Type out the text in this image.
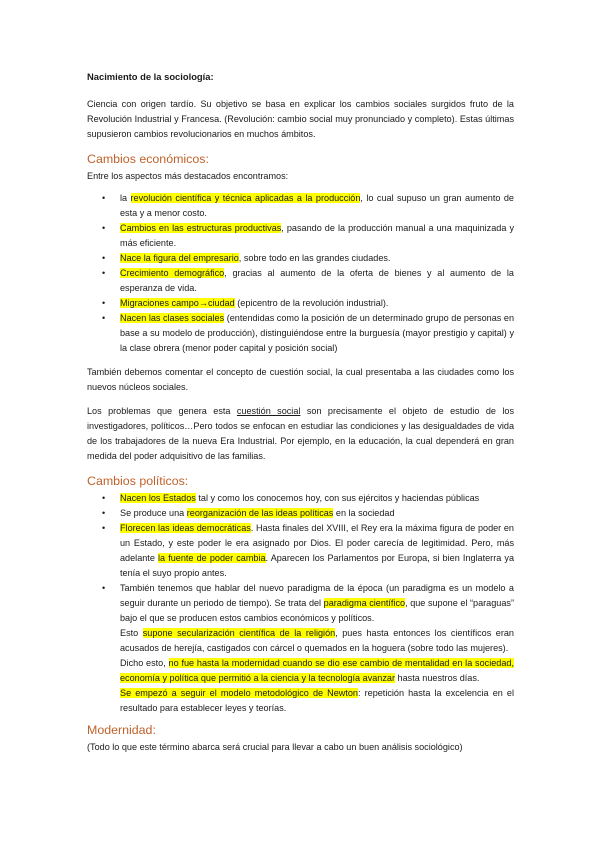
Nacimiento de la sociología:

Ciencia con origen tardío. Su objetivo se basa en explicar los cambios sociales surgidos fruto de la Revolución Industrial y Francesa. (Revolución: cambio social muy pronunciado y completo). Estas últimas supusieron cambios revolucionarios en muchos ámbitos.

Cambios económicos:

Entre los aspectos más destacados encontramos:

• la revolución científica y técnica aplicadas a la producción, lo cual supuso un gran aumento de esta y a menor costo.
• Cambios en las estructuras productivas, pasando de la producción manual a una maquinizada y más eficiente.
• Nace la figura del empresario, sobre todo en las grandes ciudades.
• Crecimiento demográfico, gracias al aumento de la oferta de bienes y al aumento de la esperanza de vida.
• Migraciones campo→ciudad (epicentro de la revolución industrial).
• Nacen las clases sociales (entendidas como la posición de un determinado grupo de personas en base a su modelo de producción), distinguiéndose entre la burguesía (mayor prestigio y capital) y la clase obrera (menor poder capital y posición social)

También debemos comentar el concepto de cuestión social, la cual presentaba a las ciudades como los nuevos núcleos sociales.

Los problemas que genera esta cuestión social son precisamente el objeto de estudio de los investigadores, políticos…Pero todos se enfocan en estudiar las condiciones y las desigualdades de vida de los trabajadores de la nueva Era Industrial. Por ejemplo, en la educación, la cual dependerá en gran medida del poder adquisitivo de las familias.

Cambios políticos:
• Nacen los Estados tal y como los conocemos hoy, con sus ejércitos y haciendas públicas
• Se produce una reorganización de las ideas políticas en la sociedad
• Florecen las ideas democráticas. Hasta finales del XVIII, el Rey era la máxima figura de poder en un Estado, y este poder le era asignado por Dios. El poder carecía de legitimidad. Pero, más adelante la fuente de poder cambia. Aparecen los Parlamentos por Europa, si bien Inglaterra ya tenía el suyo propio antes.
• También tenemos que hablar del nuevo paradigma de la época (un paradigma es un modelo a seguir durante un periodo de tiempo). Se trata del paradigma científico, que supone el “paraguas” bajo el que se producen estos cambios económicos y políticos.
Esto supone secularización científica de la religión, pues hasta entonces los científicos eran acusados de herejía, castigados con cárcel o quemados en la hoguera (sobre todo las mujeres).
Dicho esto, no fue hasta la modernidad cuando se dio ese cambio de mentalidad en la sociedad, economía y política que permitió a la ciencia y la tecnología avanzar hasta nuestros días.
Se empezó a seguir el modelo metodológico de Newton: repetición hasta la excelencia en el resultado para establecer leyes y teorías.
Modernidad:

(Todo lo que este término abarca será crucial para llevar a cabo un buen análisis sociológico)
